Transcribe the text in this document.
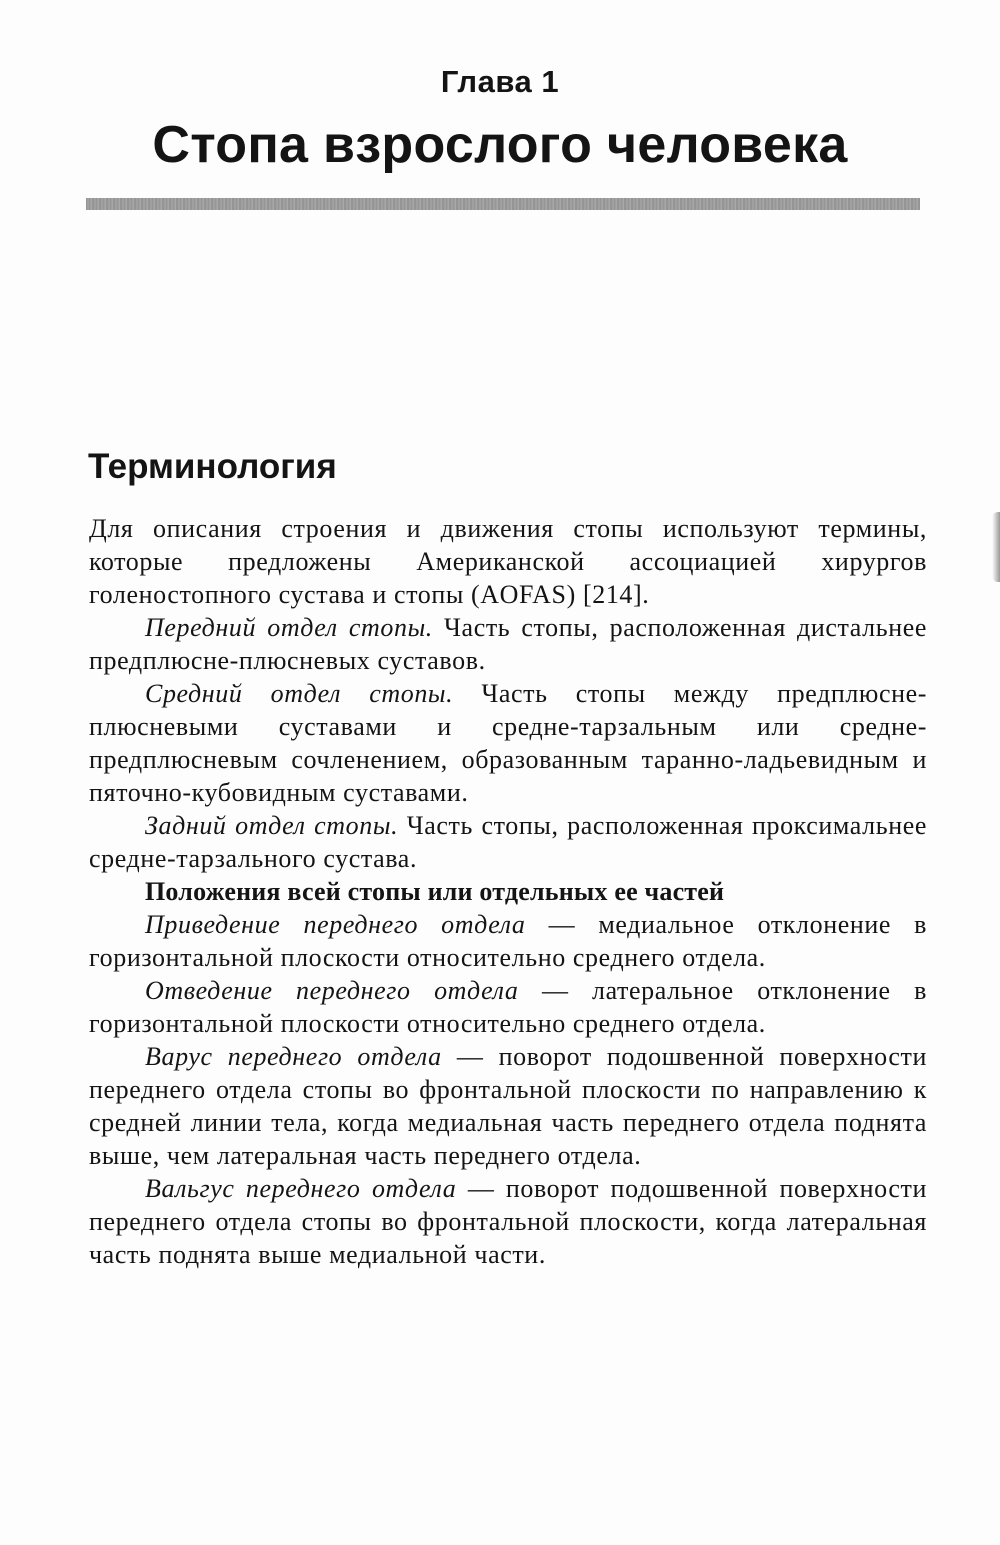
Глава 1
Стопа взрослого человека
Терминология

Для описания строения и движения стопы используют термины, которые предложены Американской ассоциацией хирургов голеностопного сустава и стопы (AOFAS) [214].

Передний отдел стопы. Часть стопы, расположенная дистальнее предплюсне-плюсневых суставов.

Средний отдел стопы. Часть стопы между предплюсне-плюсневыми суставами и средне-тарзальным или средне-предплюсневым сочленением, образованным таранно-ладьевидным и пяточно-кубовидным суставами.

Задний отдел стопы. Часть стопы, расположенная проксимальнее средне-тарзального сустава.

Положения всей стопы или отдельных ее частей

Приведение переднего отдела — медиальное отклонение в горизонтальной плоскости относительно среднего отдела.

Отведение переднего отдела — латеральное отклонение в горизонтальной плоскости относительно среднего отдела.

Варус переднего отдела — поворот подошвенной поверхности переднего отдела стопы во фронтальной плоскости по направлению к средней линии тела, когда медиальная часть переднего отдела поднята выше, чем латеральная часть переднего отдела.

Вальгус переднего отдела — поворот подошвенной поверхности переднего отдела стопы во фронтальной плоскости, когда латеральная часть поднята выше медиальной части.
